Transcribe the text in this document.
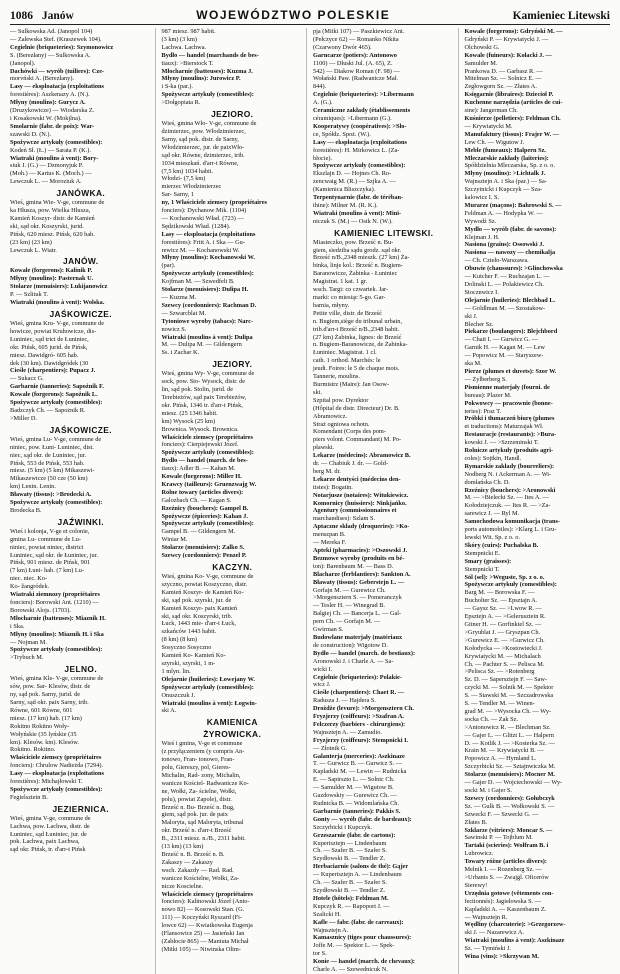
1086 Janów	WOJEWÓDZTWO POLESKIE	Kamieniec Litewski
— Sulkowska Ad. (Janopol 104)
— Zalewska Stef. (Kraszewek 104).
Cegielnie (briqueteries): Szymonowicz
S. (Berezłany) — Sulkowska A.
(Janopol).
Dachówki — wyrób (tuiliers): Cze-
morvński A. (Berezłany).
Lasy — eksploatacja (exploitations
forestières): Aszkenazy A. (N.).
Młyny (moulins): Gurycz A.
(Druzykowicze) — Wiodarska Z.
i Kosakowski W. (Mokjlna).
Smolarnie (fabr. de poix): War-
szawski D. (N.).
Spożywcze artykuły (comestibles):
Kodeń Sł. (Ł.) — Sarata P. (K.).
Wiatraki (moulins à vent): Bory-
siuk J. (G.) — Dzmonyjuk P.
(Moh.) — Kartus K. (Moch.) —
Lewczuk L. — Moroziuk A.
JANÓWKA.
Wieś, gmina Wie- V-ge, commune de
ka Hłusza, pow. Wielka Hłusza,
Kamień Koszyr- distr. de Kamień
ski, sąd okr. Koszyrski, jurid.
Pińsk, 620 miesz. Pińsk, 620 hab.
(23 km) (23 km)
Lewczuk L. Wiatr.
JANÓW.
Kowale (forgerons): Kalinik P.
Młyny (moulins): Pasternak U.
Stolarze (menuisiers): Lukijanowicz
P. — Szlituk T.
Wiatraki (moulins à vent): Wolska.
JAŚKOWICZE.
Wieś, gmina Kru- V-ge, commune de
howicze, powiat Kruhowicze, dis-
Łuniniec, sąd trict de Łuniniec,
okr. Pińsk, 605 jurid. de Pińsk,
miesz. Dawidgró- 605 hab.
dek (30 km). Dawidgródek (30
Cieśle (charpentiers): Pupacz J.
— Sukacz G.
Garbarnie (tanneries): Sapożnik F.
Kowale (forgerons): Sapożnik L.
Spożywcze artykuły (comestibles):
Badzczyk Ch. — Sapożnik R.
>Miller D.
JAŚKOWICZE.
Wieś, gmina Lu- V-ge, commune de
niniec, pow. Łuni- Luniniec, dist.
niec, sąd okr. de Luniniec, jur.
Pińsk, 553 de Pińsk, 553 hab.
miesz. (5 km) (5 km) Mikaszewi-
Mikaszewicze (50 cze (50 km)
km) Lenin. Lenin.
Bławaty (tissus): >Brodecki A.
Spożywcze artykuły (comestibles):
Brodecka B.
JAŹWINKI.
Wieś i kolonja, V-ge et colonie,
gmina Lu- commune de Lu-
niniec, powiat niniec, district
Łuniniec, sąd okr. de Łuniniec, jur.
Pińsk, 901 miesz. de Pińsk, 901
(7 km) Łuni- hab. (7 km) Lu-
niec. niec. Ko-
Ko- žangródek.
Wiatraki ziemnozy (propriétaires
fonciers): Borowski Ant. (1210) —
Borowski Alojs. (1703).
Młocharnie (batteuses): Miaznik H.
i Ska.
Młyny (moulins): Miaznik H. i Ska
— Nojman M.
Spożywcze artykuły (comestibles):
>Trybuch M.
JELNO.
Wieś, gmina Kle- V-ge, commune de
sów, pow. Sar- Klesów, distr. de
ny, sąd pok. Sarny, jurid. de
Sarny, sąd okr. paix Sarny, trib.
Równe, 601 Równe, 601
miesz. (17 km) hab. (17 km)
Rokitno Rokitno Woły-
Wołyńskie (35 lyńskie (35
km). Klesów. km). Klesów.
Rokitno. Rokitno.
Właściciele ziemscy (propriétaires
fonciers): Chrulow Nadieżda (7294).
Lasy — eksploatacja (exploitations
forestières): Michajłowski T.
Spożywcze artykuły (comestibles):
Fegielsztein B.
JEZIERNICA.
Wieś, gmina V-ge, commune de
Lachwa, pow. Lachwa, distr. de
Łuniniec, sąd Łuniniec, jur. de
pok. Lachwa, paix Lachwa,
sąd okr. Pińsk, tr. d'arr-t Pińsk
987 miesz. 987 habit.
(3 km) (3 km)
Lachwa. Lachwa.
Bydło — handel (marchands de bes-
tiaux): >Bierstock T.
Młocharnie (batteuses): Kuzma J.
Młyny (moulins): Jurowicz P.
i S-ka (par.).
Spożywcze artykuły (comestibles):
>Dołgopiata R.
JEZIORO.
Wieś, gmina Wło- V-ge, commune de
dzimierzec, pow. Włodzimierzec,
Sarny, sąd pok. distr. de Sarny,
Włodzimierzec, jur. de paixWło-
sąd okr. Równe, dzimierzec, trib.
1034 mieszkań. d'arr-t Równe,
(7,5 km) 1034 habit.
Włodzi- (7,5 km)
mierzec Włodzimierzec
Sar- Sarny, 1
ny, 1 Właściciele ziemscy (propriétaires
fonciers): Dychanow Mik. (1104)
— Kochanowski Wład. (723) —
Sędzikowski Wład. (1284).
Lasy — eksploatacja (exploitations
forestières): Fritt A. i Ska — Gu-
rewicz M. — Kochanowski W.
Młyny (moulins): Kochanowski W.
(par).
Spożywcze artykuły (comestibles):
Kojfman M. — Szwedfelt B.
Stolarze (menuisiers): Dulipa H.
— Kuzma M.
Szewcy (cordonniers): Rachman D.
— Szwarcblat M.
Tytoniowe wyroby (tabacs): Narc-
nowicz S.
Wiatraki (moulins à vent): Dulipa
M. — Dulipa M. — Gildengern
Ss. i Zachar K.
JEZIORY.
Wieś, gmina Wy- V-ge, commune de
sock, pow. Sto- Wysock, distr. de
lin, sąd pok. Stolin, jurid. de
Terebieżów, sąd paix Terebieżów,
okr. Pińsk, 1346 tr. d'arr-t Pińsk,
miesz. (25 1346 habit.
km) Wysock (25 km)
Brownica. Wysock. Brownica.
Właściciele ziemscy (propriétaires
fonciers): Cierpiejewski Józef.
Spożywcze artykuły (comestibles):
Bydło — handel (march. de bes-
tiaux): Adler B. — Kahan M.
Kowale (forgerons): Miller H.
Krawcy (tailleurs): Gruenzwajg W.
Rolne towary (articles divers):
Galozbach Ch. — Kagan S.
Rzeźnicy (bouchers): Gampel B.
Spożywcze (épiceries): Kahan J.
Spożywcze artykuły (comestibles):
Gampel B. — Gildengern M.
Winiar M.
Stolarze (menuisiers): Zalko S.
Szewcy (cordonniers): Penzel P.
KACZYN.
Wieś, gmina Ko- V-ge, commune de
szyczno, powiat Koszyczno, distr.
Kamień Koszyr- de Kamień Ko-
ski, sąd pok. szyrski, jur. de
Kamień Koszyr- paix Kamień
ski, sąd okr. Koszyrski, trib.
Łuck, 1443 mie- d'arr-t Łuck,
szkańców 1443 habit.
(8 km) (8 km)
Sosyczno Sosyczno
Kamień Ko- Kamień Ko-
szyrski, szyrski, 1 m-
1 mlyn. lin.
Olejarnie (huileries): Łowejany W.
Spożywcze artykuły (comestibles):
Onuszczuk J.
Wiatraki (moulins à vent): Łogwin-
ski A.
KAMIENICA
ŻYROWICKA.
Wieś i gmina, V-ge et commune
(z przyłączeniem (y compris An-
tonowo, Fran- tonowo, Fran-
polu, Giereszy, pol, Gieres-
Michalin, Rad- zony, Michalin,
wanicze Kościel- Radwanicze Ko-
ne, Wołki, Za- ścielne, Wołki,
polu), powiat Zapole), distr.
Brześć n. Bu- Brześć n. Bug,
giem, sąd pok. jur. de paix
Malorytа, sąd Malorytа, tribunal
okr. Brześć n. d'arr-t Brześć
B., 2311 miesz. n./B., 2311 habit.
(13 km) (13 km)
Brześć n. B. Brześć n. B.
Zakaszy — Zakaszy
wsch. Zakazdy — Rad. Rad.
wanicze Kościelne, Wołki, Za-
nicze Koscielne.
Właściciele ziemscy (propriétaires
fonciers): Kalinowski Józef (Anto-
nowo 82) — Kosowski Stan. (G.
111) — Koczyński Ryszard (Fi-
lowce 62) — Kwiatkowska Eugenja
(Flansowice 25) — Jasieński Jan
(Zabłocie 865) — Maniuta Michał
(Mitki 105) — Niwinska Olim-
pja (Mitki 107) — Paszkiewicz Ant.
(Pełczyce 62) — Romanko Nikita
(Czarwony Dwór 465).
Garncarze (potiers): Antonowo
1100) — Dłuski Jul. (A. 65), Z.
542) — Diakow Roman (F. 98) —
Wołański Paw. (Radwanicze Mał.
844).
Cegielnie (briqueteries): >Libermann
A. (G.).
Ceramiczne zakłady (établissements
céramiques): >Libermann (G.).
Kooperatywy (coopératives): >Sło-
ce, Spółdz. Spoż. (W.).
Lasy — eksploatacja (exploitations
forestières): H. Mirkowicz L. (Za-
błocie).
Spożywcze artykuły (comestibles):
Ekszlajn D. — Hojnes Ch. Ro-
zencwaig M. (R.) — Szjka A. —
(Kamienica Bliszczyka).
Terpentynarnie (fabr. de téréban-
thine): Milner M. (R. K.).
Wiatraki (moulins à vent): Mini-
niczuk S. (M.) — Osik N. (W.).
KAMIENIEC LITEWSKI.
Miasteczko, pow. Brześć n. Bu-
giem, siedziba sądu grodz. sąd okr.
Brześć n/B.,2348 mieszk. (27 km) Ża-
binka, linje kol.: Brześć n. Bugiem-
Baranowicze, Żabinka - Łuniniec
Magistrat. 1 kat. 1 gr.
wsch. Targi: co czwartek. Jar-
marki: co miesiąc 5-go. Gar-
barnia, młyny.
Petite ville, distr. de Brześć
n. Bugiem,siège du tribunal urbain,
trib.d'arr-t Brześć n/B.,2348 habit.
(27 km) Żabinka, lignes: de Brześć
n. Bugiem-Baranowicze, de Żabinka-
Łuniniec. Magistrat. 1 cl.
cath. 1 orthod. Marchés: le
jeudi. Foires: le 5 de chaque mois.
Tannerie, moulins.
Burmistrz (Maire): Jan Osow-
ski.
Szpital pow. Dyrektor
(Hôpital de distr. Directeur) Dr. B.
Abramowicz.
Straż ogniowa ochotn.
Komendant (Corps des pom-
piers volont. Commandant) M. Po-
pławski.
Lekarze (médecins): Abramowicz B.
dr. — Chabiuk J. dr. — Gold-
berg M. dr.
Lekarze dentyści (médecins den-
tistes): Bogatin.
Notarjusze (notaires): Witukiewicz.
Komornicy (huissiers): Ninkjańko.
Agentury (commissionnaires et
marchandises): Szlam S.
Aptaczne składy (droqueries): >Ko-
menszpan B.
— Mereka F.
Apteki (pharmacies): >Oszowski J.
Bezmowe wyroby (produits en bé-
ton): Barenbaum M. — Bass D.
Blacharze (ferblantiers): Sankton A.
Bławaty (tissus): Geberstejn L. —
Gorfajn M. — Gurewicz Ch.
>Morgensztern S. — Pomeranczyk
— Tesler H. — Winegrad B.
Balgiej Ch. — Bancerja L. — Gal-
pern Ch. — Gorfajn M. —
Gwirman S.
Budowlane materjały (matériaux
de construction): Wigotow D.
Bydło — handel (march. de bestiaux):
Aronowski J. i Charle A. — Sa-
wicki I.
Cegielnie (briqueteries): Polakie-
wicz J.
Cieśle (charpentiers): Chaet R. —
Radusza J. — Hajdera S.
Drożdże (levure): >Morgensztern Ch.
Fryzjerzy (coiffeurs): >Szafran A.
Felczerzy (barbiers - chirurgiens):
Wajnsztejn A. — Zamudio.
Fryzjerzy (coiffeurs): Stempnicki I.
— Złotnik G.
Galanterja (merceries): Aszkinaze
T. — Gurwicz B. — Gurwicz S. —
Kapladski M. — Lewin — Rudnicka
E. — Sapirszto L. — Solnic Ch.
— Samulder M. — Wigutow B.
Gazdowskiy — Gurewicz Ch. —
Rudnicka B. — Widomlańska Ch.
Garbarnie (tanneries): Pakkis S.
Gonty — wyrób (fabr. de bardeaux):
Szczyrbicki i Kupczyk.
Grzeszarnie (fabr. de cartons):
Kuperisztejn — Lindenbaum
Ch. — Szafer B. — Szafer S.
Szydłowski B. — Tendler Z.
Herbaciarnie (salons de thé): Gąjer
— Kuperisztejn A. — Lindenbaum
Ch. — Szafer B. — Szafer S.
Szydłowski B. — Tendler Z.
Hotele (hôtels): Feldman M.
Kupczyk R. — Rapoport J. —
Szalicki H.
Kafle — fabr. (fabr. de carreaux):
Wajnsztejn A.
Kamasznicy (tiges pour chaussures):
Joffe M. — Spektor L. — Spek-
tor S.
Konie — handel (march. de chevaux):
Charle A. — Szewednicuk N.
Kowale (forgerons): Gdryński M. —
Gdryński P. — Krywiatycki J. —
Olchowski G.
Kowale (fuineurs): Kołacki J. —
Samulder M.
Prankowa D. — Garbasz R. —
Mitelman Sz. — Solnicz E. —
Zegłowgorn Sz. — Złates A.
Księgarnie (libraires): Dziecioł P.
Kuchenne narzędzia (articles de cui-
sine): Jangerman Ch.
Kuśnierze (pelletiers): Feldman Ch.
— Krywiatycki M.
Manufaktury (tissus): Frajer W. —
Lew Ch. — Wigutow J.
Meble (fumeaux): Halpern Sz.
Mleczarskie zakłady (laiteries):
Spółdzielnia Mleczarska, Sp. z o. o.
Młyny (moulins): >Lichtalk J.
Wajnsztejn A. i Ska (par.) — Sa-
Szczytnicki i Kupczyk — Sza-
kalowicz I. S.
Murarze (maçons): Bahrowski S. —
Feldman A. — Hodypka W. —
Wywodź Sz.
Mydło — wyrób (fabr. de savons):
Klejman J. H.
Nasiona (grains): Ossowski J.
Nasiona — nawozy — chemikalja
— Ch. Czteło-Warszawa.
Obuwie (chaussures): >Glinchowska
— Kutcher F. — Ruchzajan L. —
Dolinski L. — Polakiewicz Ch.
Stocznwicz I.
Olejarnie (huileries): Blechbad L.
— Goldlman M. — Szostakow-
ski J.
Blecher Sz.
Piekarze (boulangers): Blejchbord
— Chait I. — Gurwicz G. —
Garnik H. — Kagan M. — Lew
— Popowicz M. — Staryszew-
ska M.
Pierze (plumes et duvets): Szor W.
— Zylberberg S.
Pismienne materjały (fourni. de
bureau): Plazer M.
Pokwowcy — pracownie (bonne-
teries): Praz T.
Próbki i tłumaczeń biurę (plumes
et traductions): Maturzajak Wł.
Restauracje (restaurants): >Bura-
kowski J. — >Szrzeminski T.
Rolnicze artykuły (produits agri-
coles): Sojtkin, Handl.
Rymarskie zakłady (bourreliers):
Nodberg N. i Ackerman A. — Wi-
domłańska Ch. D.
Rzeźnicy (bouchers): >Aronowski
M. — >Bielecki Sz. — Ites A. —
Kołodziejczuk. — Ites R. — >Za-
sarewicz J. — Ryl M.
Samochodowa komunikacja (trans-
ports automobiles): >Klarg L. i Gru-
lewski Wit. Sp. z o. o.
Skóry (cuirs): Puchalska B.
Stempnicki E.
Smary (graisses):
Stempnicki T.
Sól (sel): >Weguste, Sp. z o. o.
Spożywcze artykuły (comestibles):
Barg M. — Borowska F. —
Bucholter Sz. — Epsztajn A.
— Gaysz Sz. — >Lwow R. —
Epsztejn A. — >Gelerusztein R.
Gitner H. — Gorfinkiel Sz. —
>Gryublat J. — Gryszpan Ch.
>Gurewicz E. — >Gurwicz Ch.
Kołodycka — >Kostowiecki J.
Krywiatycki M. — Michalach
Ch. — Pachter S. — Pelisca M.
>Pelisca Sz. — >Rotenberg
Sz. D. — Sapersztejn F. — Saw-
czycki M. — Solnik M. — Spektor
S. — Stawski M. — Szczadrowska
S. — Tendler M. — Winen-
grad M. — >Wysocka Ch. — Wy-
socka Ch. — Zak Sz.
>Antonowicz R. — Blechman Sz.
— Gajer L. — Glitzt L. — Halpern
D. — Kotlik J. — >Kosterka Sz. —
Krain M. — Krywiatycki B. —
Popowicz A. — Hymland L.
Szczyrbicki Sz. — Sztajnwiczka M.
Stolarze (menuisiers): Mocner M.
— Gajer D. — Wojciechowski — Wy-
socki M. i Gajer S.
Szewcy (cordonniers): Gołubczyk
Sz. — Gulk B. — Wołkowski S. —
Szwecki F. — Szwecki G. —
Złates B.
Szklarze (vitriers): Moncar S. —
Sawinski P. — Tojblum M.
Tartaki (scieries): Wołfram B. i
Lubrowicz.
Towary różne (articles divers):
Melnik I. — Rozenberg Sz. —
>Urbanis S. — Zwajgl. Oficerów
Sierewy!
Urzędnia gotowe (vêtements con-
fectionnés): Jagiełowska S. —
Kapladski A. — Kaszenbaum Z.
— Wajnsztejn R.
Wędliny (charcuterie): >Grzegorzew-
ski J. — Nazarewicz A.
Wiatraki (moulins à vent): Aszkinaze
Sz. — Tymiński J.
Wina (vins): >Skrzywan M.
